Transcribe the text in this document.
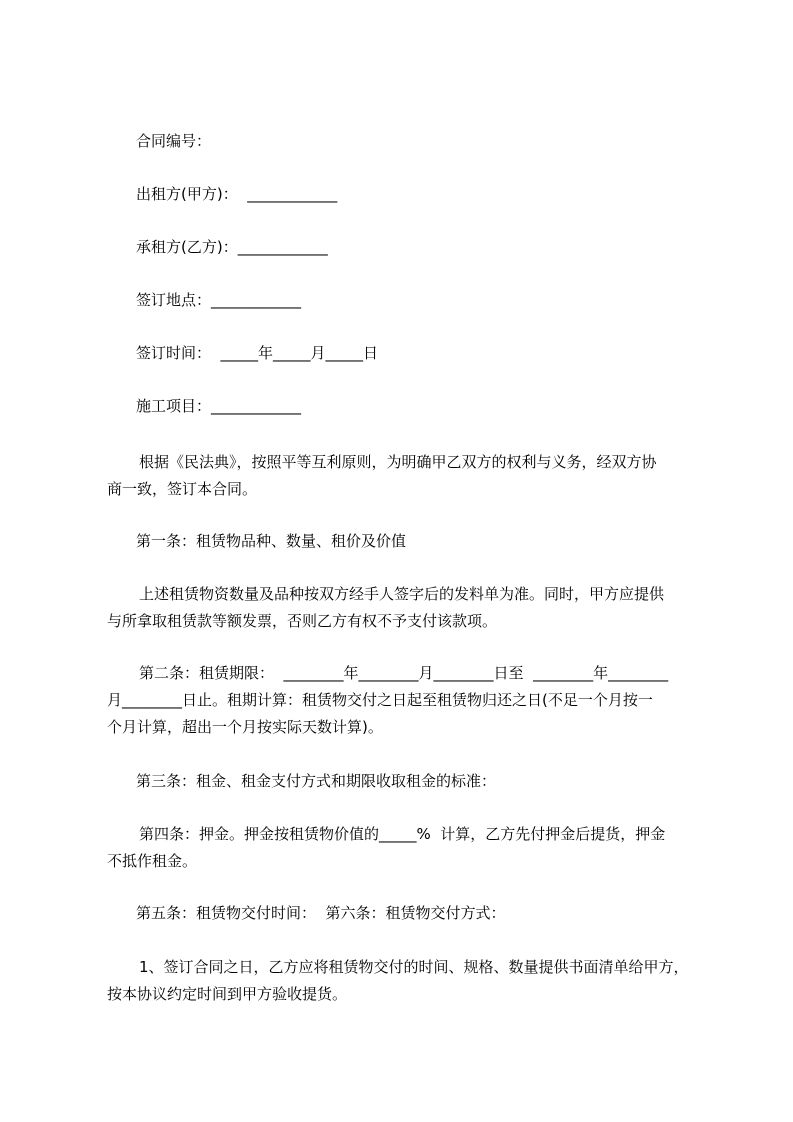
合同编号：
出租方(甲方)：  ____________
承租方(乙方)：____________
签订地点：____________
签订时间：  _____年_____月_____日
施工项目：____________
根据《民法典》，按照平等互利原则，为明确甲乙双方的权利与义务，经双方协
商一致，签订本合同。
第一条：租赁物品种、数量、租价及价值
上述租赁物资数量及品种按双方经手人签字后的发料单为准。同时，甲方应提供
与所拿取租赁款等额发票，否则乙方有权不予支付该款项。
第二条：租赁期限：  ________年________月________日至  ________年________
月________日止。租期计算：租赁物交付之日起至租赁物归还之日(不足一个月按一
个月计算，超出一个月按实际天数计算)。
第三条：租金、租金支付方式和期限收取租金的标准：
第四条：押金。押金按租赁物价值的_____%  计算，乙方先付押金后提货，押金
不抵作租金。
第五条：租赁物交付时间：  第六条：租赁物交付方式：
1、签订合同之日，乙方应将租赁物交付的时间、规格、数量提供书面清单给甲方，
按本协议约定时间到甲方验收提货。
